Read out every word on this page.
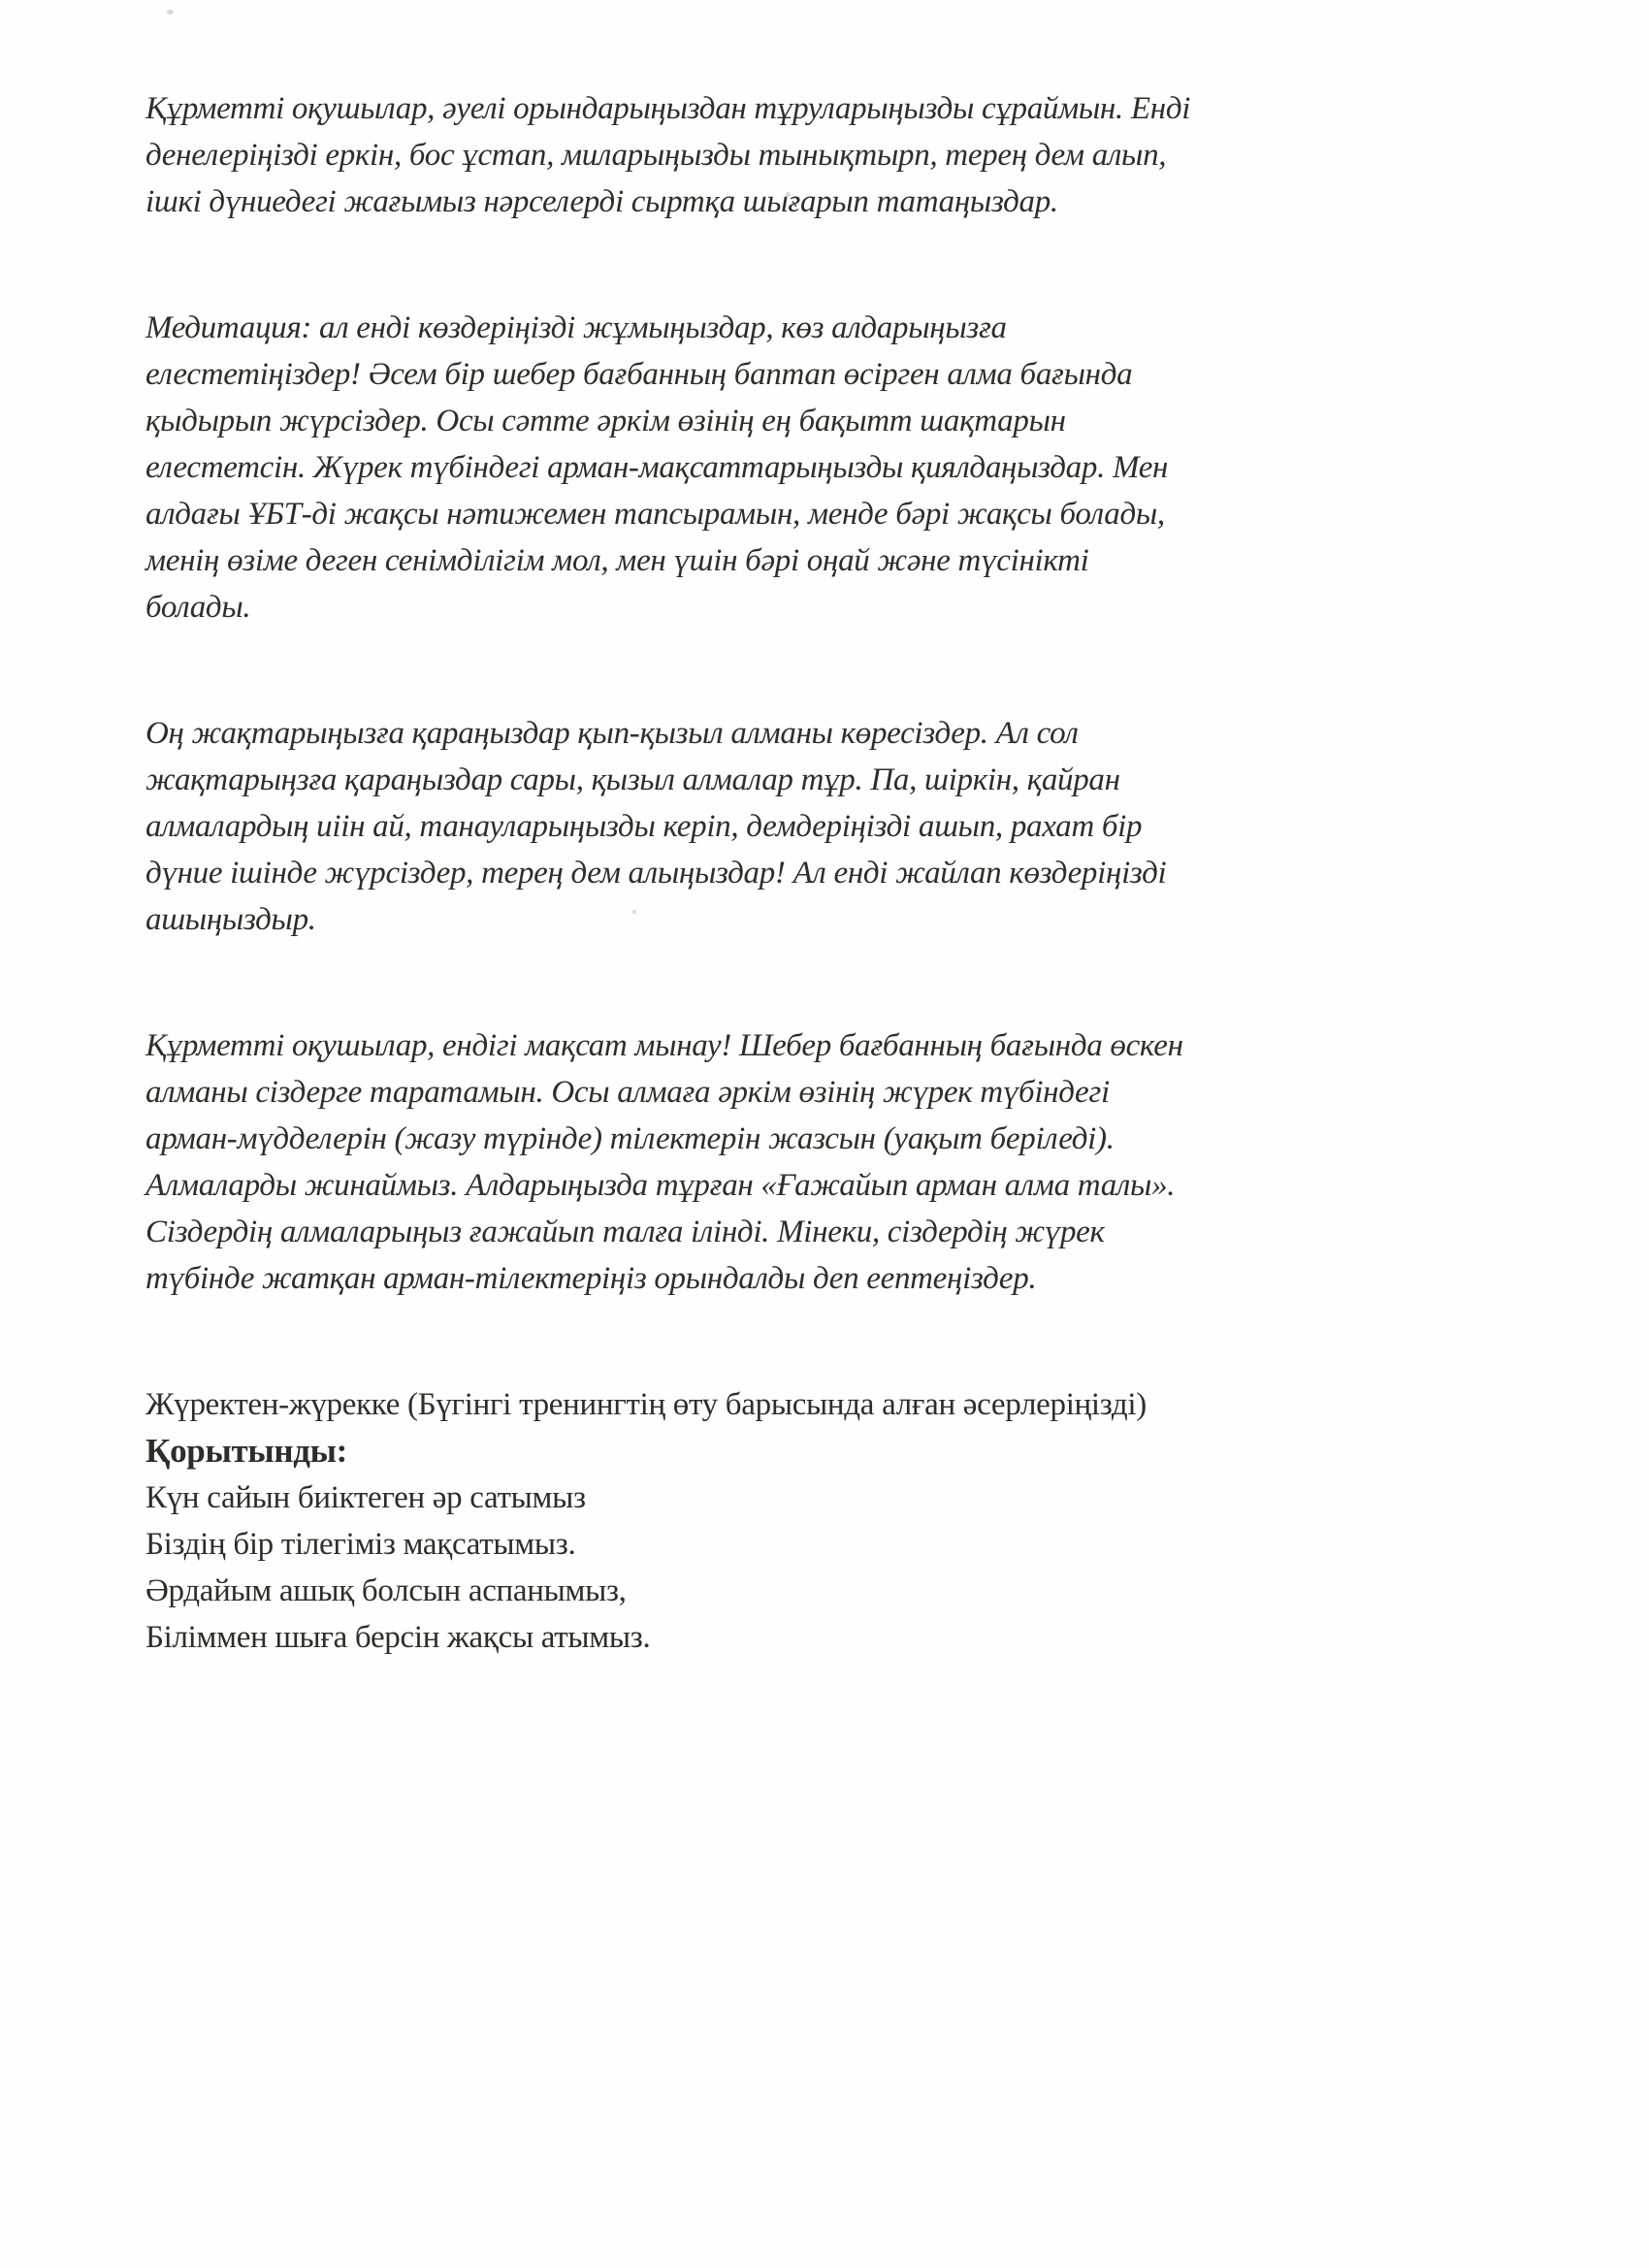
Құрметті оқушылар, әуелі орындарыңыздан тұруларыңызды сұраймын. Енді
денелеріңізді еркін, бос ұстап, миларыңызды тынықтырп, терең дем алып,
ішкі дүниедегі жағымыз нәрселерді сыртқа шығарып татаңыздар.
Медитация: ал енді көздеріңізді жұмыңыздар, көз алдарыңызға
елестетіңіздер! Әсем бір шебер бағбанның баптап өсірген алма бағында
қыдырып жүрсіздер. Осы сәтте әркім өзінің ең бақытт шақтарын
елестетсін. Жүрек түбіндегі арман-мақсаттарыңызды қиялдаңыздар. Мен
алдағы ҰБТ-ді жақсы нәтижемен тапсырамын, менде бәрі жақсы болады,
менің өзіме деген сенімділігім мол, мен үшін бәрі оңай және түсінікті
болады.
Оң жақтарыңызға қараңыздар қып-қызыл алманы көресіздер. Ал сол
жақтарыңзға қараңыздар сары, қызыл алмалар тұр. Па, шіркін, қайран
алмалардың иіін ай, танауларыңызды керіп, демдеріңізді ашып, рахат бір
дүние ішінде жүрсіздер, терең дем алыңыздар! Ал енді жайлап көздеріңізді
ашыңыздыр.
Құрметті оқушылар, ендігі мақсат мынау! Шебер бағбанның бағында өскен
алманы сіздерге таратамын. Осы алмаға әркім өзінің жүрек түбіндегі
арман-мүдделерін (жазу түрінде) тілектерін жазсын (уақыт беріледі).
Алмаларды жинаймыз. Алдарыңызда тұрған «Ғажайып арман алма талы».
Сіздердің алмаларыңыз ғажайып талға ілінді. Мінеки, сіздердің жүрек
түбінде жатқан арман-тілектеріңіз орындалды деп еептеңіздер.
Жүректен-жүрекке (Бүгінгі тренингтің өту барысында алған әсерлеріңізді)
Қорытынды:
Күн сайын биіктеген әр сатымыз
Біздің бір тілегіміз мақсатымыз.
Әрдайым ашық болсын аспанымыз,
Біліммен шыға берсін жақсы атымыз.
